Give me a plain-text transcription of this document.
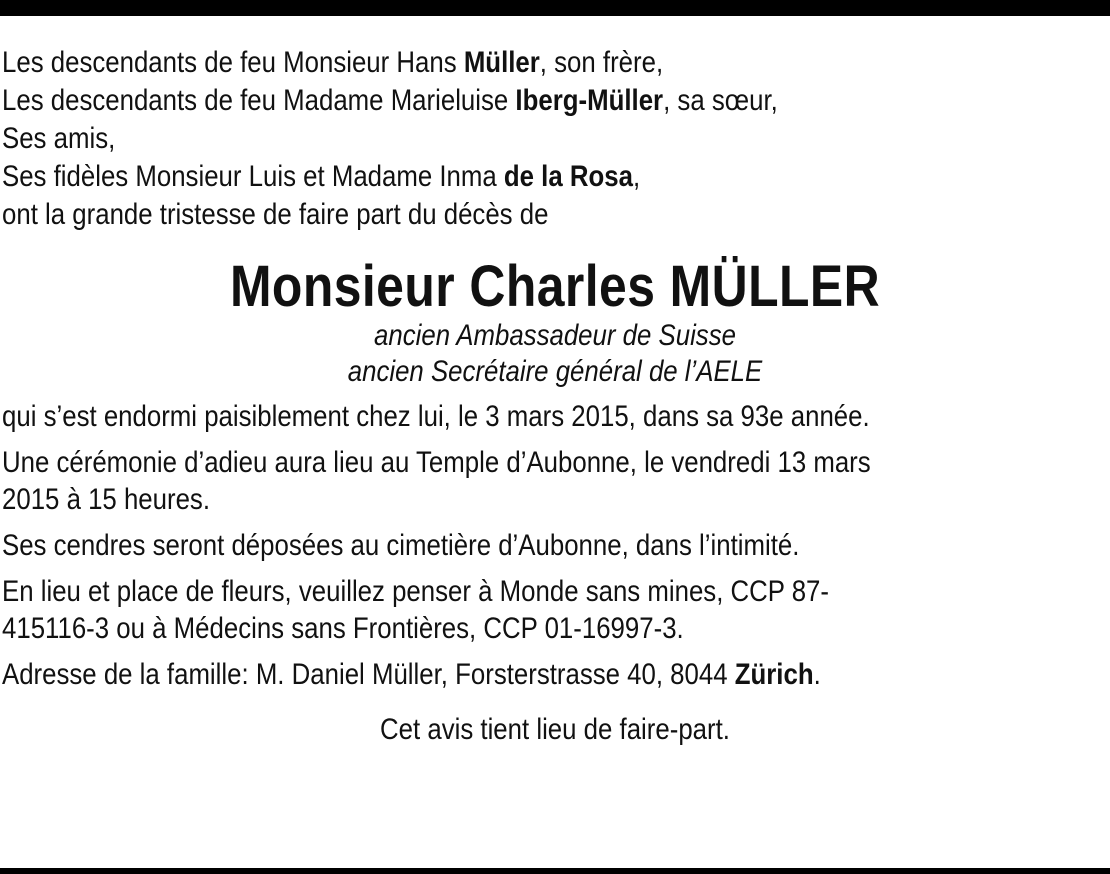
Les descendants de feu Monsieur Hans Müller, son frère,
Les descendants de feu Madame Marieluise Iberg-Müller, sa sœur,
Ses amis,
Ses fidèles Monsieur Luis et Madame Inma de la Rosa,
ont la grande tristesse de faire part du décès de
Monsieur Charles MÜLLER
ancien Ambassadeur de Suisse
ancien Secrétaire général de l’AELE
qui s’est endormi paisiblement chez lui, le 3 mars 2015, dans sa 93e année.
Une cérémonie d’adieu aura lieu au Temple d’Aubonne, le vendredi 13 mars
2015 à 15 heures.
Ses cendres seront déposées au cimetière d’Aubonne, dans l’intimité.
En lieu et place de fleurs, veuillez penser à Monde sans mines, CCP 87-
415116-3 ou à Médecins sans Frontières, CCP 01-16997-3.
Adresse de la famille: M. Daniel Müller, Forsterstrasse 40, 8044 Zürich.
Cet avis tient lieu de faire-part.
